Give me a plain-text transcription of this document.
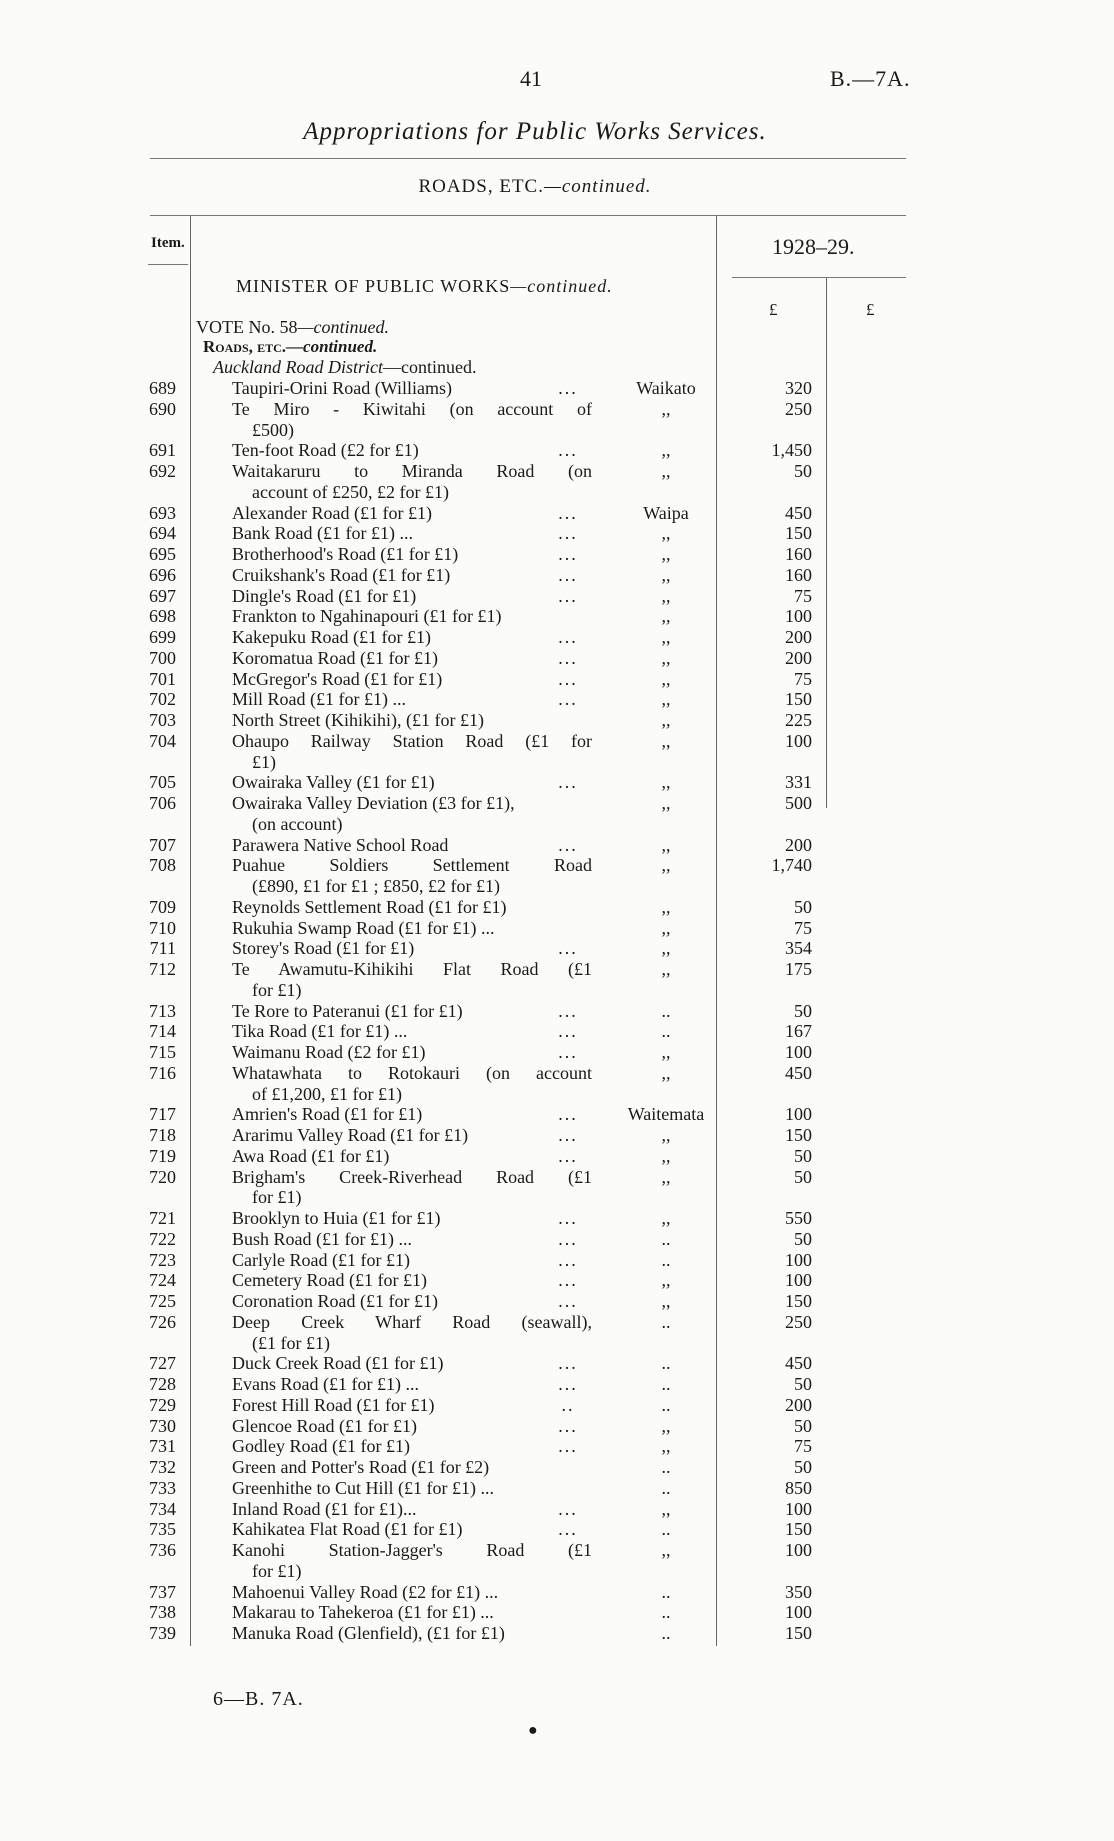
41	B.—7A.
Appropriations for Public Works Services.
ROADS, ETC.—continued.
Item.	1928–29.
£	£
MINISTER OF PUBLIC WORKS—continued.
VOTE No. 58—continued.
Roads, etc.—continued.
Auckland Road District—continued.
689	Taupiri-Orini Road (Williams)	...	Waikato	320
690	Te Miro - Kiwitahi (on account of	,,	250
£500)
691	Ten-foot Road (£2 for £1)	...	,,	1,450
692	Waitakaruru to Miranda Road (on	,,	50
account of £250, £2 for £1)
693	Alexander Road (£1 for £1)	...	Waipa	450
694	Bank Road (£1 for £1) ...	...	,,	150
695	Brotherhood's Road (£1 for £1)	...	,,	160
696	Cruikshank's Road (£1 for £1)	...	,,	160
697	Dingle's Road (£1 for £1)	...	,,	75
698	Frankton to Ngahinapouri (£1 for £1)	,,	100
699	Kakepuku Road (£1 for £1)	...	,,	200
700	Koromatua Road (£1 for £1)	...	,,	200
701	McGregor's Road (£1 for £1)	...	,,	75
702	Mill Road (£1 for £1) ...	...	,,	150
703	North Street (Kihikihi), (£1 for £1)	,,	225
704	Ohaupo Railway Station Road (£1 for	,,	100
£1)
705	Owairaka Valley (£1 for £1)	...	,,	331
706	Owairaka Valley Deviation (£3 for £1),	,,	500
(on account)
707	Parawera Native School Road	...	,,	200
708	Puahue Soldiers Settlement Road	,,	1,740
(£890, £1 for £1 ; £850, £2 for £1)
709	Reynolds Settlement Road (£1 for £1)	,,	50
710	Rukuhia Swamp Road (£1 for £1) ...	,,	75
711	Storey's Road (£1 for £1)	...	,,	354
712	Te Awamutu-Kihikihi Flat Road (£1	,,	175
for £1)
713	Te Rore to Pateranui (£1 for £1)	...	..	50
714	Tika Road (£1 for £1) ...	...	..	167
715	Waimanu Road (£2 for £1)	...	,,	100
716	Whatawhata to Rotokauri (on account	,,	450
of £1,200, £1 for £1)
717	Amrien's Road (£1 for £1)	...	Waitemata	100
718	Ararimu Valley Road (£1 for £1)	...	,,	150
719	Awa Road (£1 for £1)	...	,,	50
720	Brigham's Creek-Riverhead Road (£1	,,	50
for £1)
721	Brooklyn to Huia (£1 for £1)	...	,,	550
722	Bush Road (£1 for £1) ...	...	..	50
723	Carlyle Road (£1 for £1)	...	..	100
724	Cemetery Road (£1 for £1)	...	,,	100
725	Coronation Road (£1 for £1)	...	,,	150
726	Deep Creek Wharf Road (seawall),	..	250
(£1 for £1)
727	Duck Creek Road (£1 for £1)	...	..	450
728	Evans Road (£1 for £1) ...	...	..	50
729	Forest Hill Road (£1 for £1)	..	..	200
730	Glencoe Road (£1 for £1)	...	,,	50
731	Godley Road (£1 for £1)	...	,,	75
732	Green and Potter's Road (£1 for £2)	..	50
733	Greenhithe to Cut Hill (£1 for £1) ...	..	850
734	Inland Road (£1 for £1)...	...	,,	100
735	Kahikatea Flat Road (£1 for £1)	...	..	150
736	Kanohi Station-Jagger's Road (£1	,,	100
for £1)
737	Mahoenui Valley Road (£2 for £1) ...	..	350
738	Makarau to Tahekeroa (£1 for £1) ...	..	100
739	Manuka Road (Glenfield), (£1 for £1)	..	150
6—B. 7A.
●
